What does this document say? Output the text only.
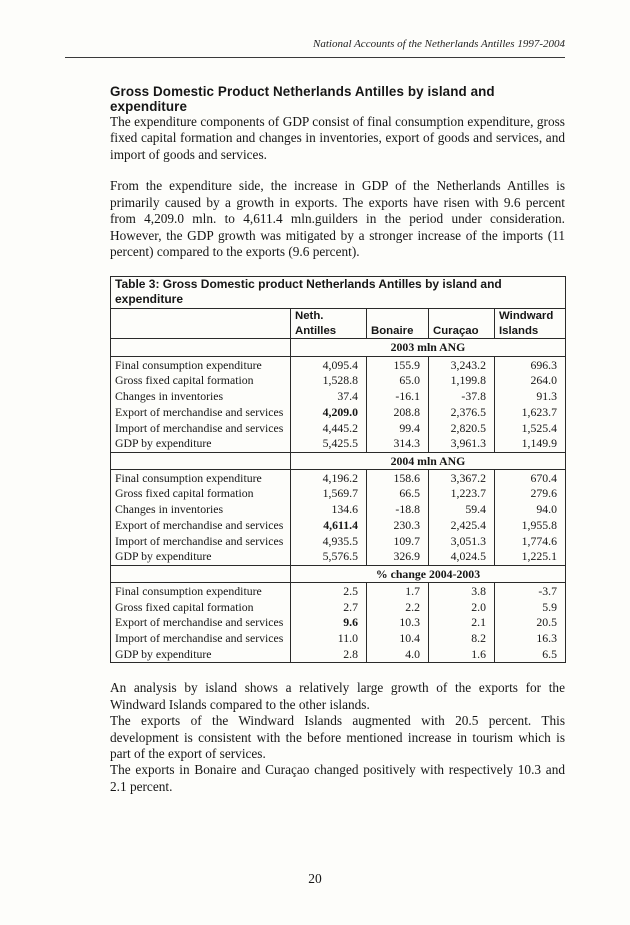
National Accounts of the Netherlands Antilles 1997-2004
Gross Domestic Product Netherlands Antilles by island and expenditure

The expenditure components of GDP consist of final consumption expenditure, gross fixed capital formation and changes in inventories, export of goods and services, and import of goods and services.

From the expenditure side, the increase in GDP of the Netherlands Antilles is primarily caused by a growth in exports. The exports have risen with 9.6 percent from 4,209.0 mln. to 4,611.4 mln.guilders in the period under consideration. However, the GDP growth was mitigated by a stronger increase of the imports (11 percent) compared to the exports (9.6 percent).

Table 3: Gross Domestic product Netherlands Antilles by island and expenditure				
	Neth. Antilles	Bonaire	Curaçao	Windward Islands
	2003 mln ANG			
Final consumption expenditure	4,095.4	155.9	3,243.2	696.3
Gross fixed capital formation	1,528.8	65.0	1,199.8	264.0
Changes in inventories	37.4	-16.1	-37.8	91.3
Export of merchandise and services	4,209.0	208.8	2,376.5	1,623.7
Import of merchandise and services	4,445.2	99.4	2,820.5	1,525.4
GDP by expenditure	5,425.5	314.3	3,961.3	1,149.9
	2004 mln ANG			
Final consumption expenditure	4,196.2	158.6	3,367.2	670.4
Gross fixed capital formation	1,569.7	66.5	1,223.7	279.6
Changes in inventories	134.6	-18.8	59.4	94.0
Export of merchandise and services	4,611.4	230.3	2,425.4	1,955.8
Import of merchandise and services	4,935.5	109.7	3,051.3	1,774.6
GDP by expenditure	5,576.5	326.9	4,024.5	1,225.1
	% change 2004-2003			
Final consumption expenditure	2.5	1.7	3.8	-3.7
Gross fixed capital formation	2.7	2.2	2.0	5.9
Export of merchandise and services	9.6	10.3	2.1	20.5
Import of merchandise and services	11.0	10.4	8.2	16.3
GDP by expenditure	2.8	4.0	1.6	6.5

An analysis by island shows a relatively large growth of the exports for the Windward Islands compared to the other islands.

The exports of the Windward Islands augmented with 20.5 percent. This development is consistent with the before mentioned increase in tourism which is part of the export of services.

The exports in Bonaire and Curaçao changed positively with respectively 10.3 and 2.1 percent.

20
